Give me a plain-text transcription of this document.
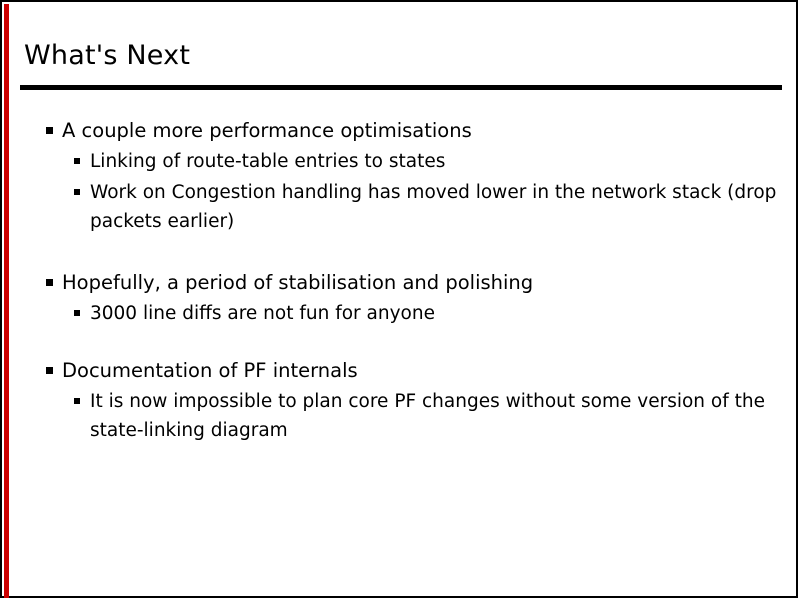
What's Next
A couple more performance optimisations
Linking of route-table entries to states
Work on Congestion handling has moved lower in the network stack (drop packets earlier)
Hopefully, a period of stabilisation and polishing
3000 line diffs are not fun for anyone
Documentation of PF internals
It is now impossible to plan core PF changes without some version of the state-linking diagram
